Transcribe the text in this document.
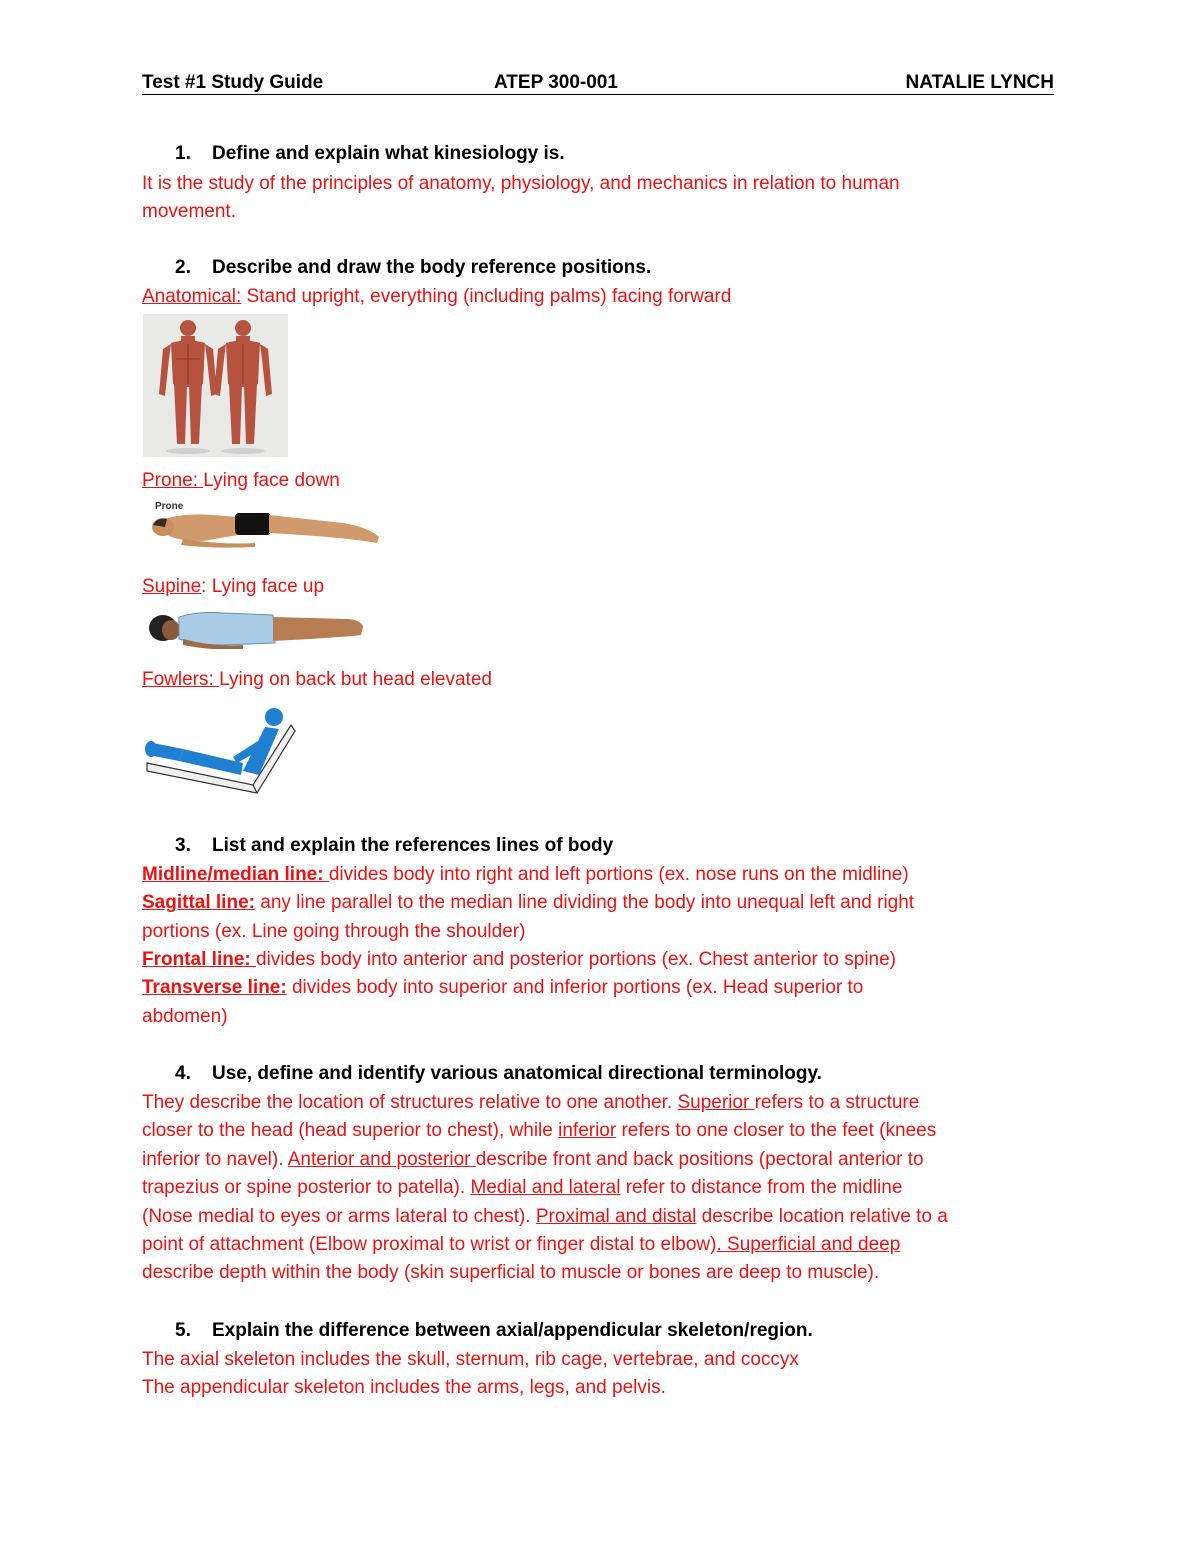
Test #1 Study Guide	ATEP 300-001	NATALIE LYNCH
1. Define and explain what kinesiology is.
It is the study of the principles of anatomy, physiology, and mechanics in relation to human
movement.
2. Describe and draw the body reference positions.
Anatomical: Stand upright, everything (including palms) facing forward
Prone: Lying face down
Prone
Supine: Lying face up
Fowlers: Lying on back but head elevated
3. List and explain the references lines of body
Midline/median line: divides body into right and left portions (ex. nose runs on the midline)
Sagittal line: any line parallel to the median line dividing the body into unequal left and right
portions (ex. Line going through the shoulder)
Frontal line: divides body into anterior and posterior portions (ex. Chest anterior to spine)
Transverse line: divides body into superior and inferior portions (ex. Head superior to
abdomen)
4. Use, define and identify various anatomical directional terminology.
They describe the location of structures relative to one another. Superior refers to a structure
closer to the head (head superior to chest), while inferior refers to one closer to the feet (knees
inferior to navel). Anterior and posterior describe front and back positions (pectoral anterior to
trapezius or spine posterior to patella). Medial and lateral refer to distance from the midline
(Nose medial to eyes or arms lateral to chest). Proximal and distal describe location relative to a
point of attachment (Elbow proximal to wrist or finger distal to elbow). Superficial and deep
describe depth within the body (skin superficial to muscle or bones are deep to muscle).
5. Explain the difference between axial/appendicular skeleton/region.
The axial skeleton includes the skull, sternum, rib cage, vertebrae, and coccyx
The appendicular skeleton includes the arms, legs, and pelvis.
